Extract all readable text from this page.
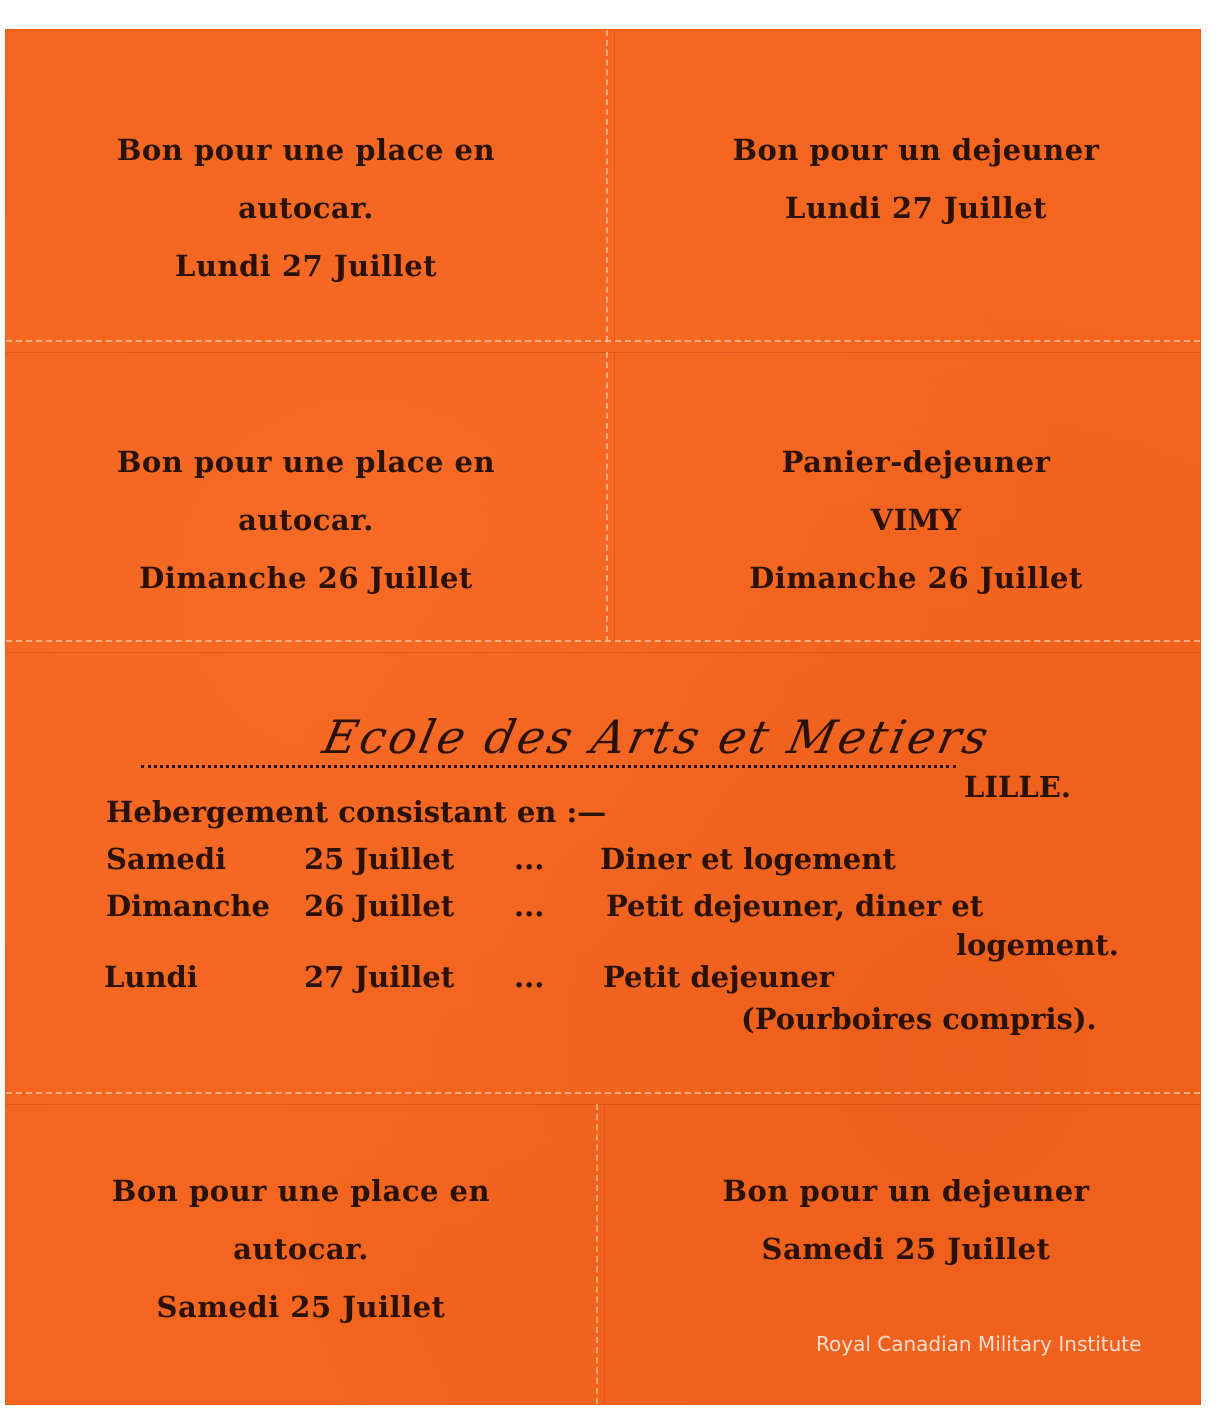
Bon pour une place en
autocar.
Lundi 27 Juillet
Bon pour un dejeuner
Lundi 27 Juillet
Bon pour une place en
autocar.
Dimanche 26 Juillet
Panier-dejeuner
VIMY
Dimanche 26 Juillet
Ecole des Arts et Metiers
LILLE.
Hebergement consistant en :—
Samedi	25 Juillet ... Diner et logement
Dimanche 26 Juillet ... Petit dejeuner, diner et
logement.
Lundi	27 Juillet ... Petit dejeuner
(Pourboires compris).
Bon pour une place en
autocar.
Samedi 25 Juillet
Bon pour un dejeuner
Samedi 25 Juillet
Royal Canadian Military Institute
